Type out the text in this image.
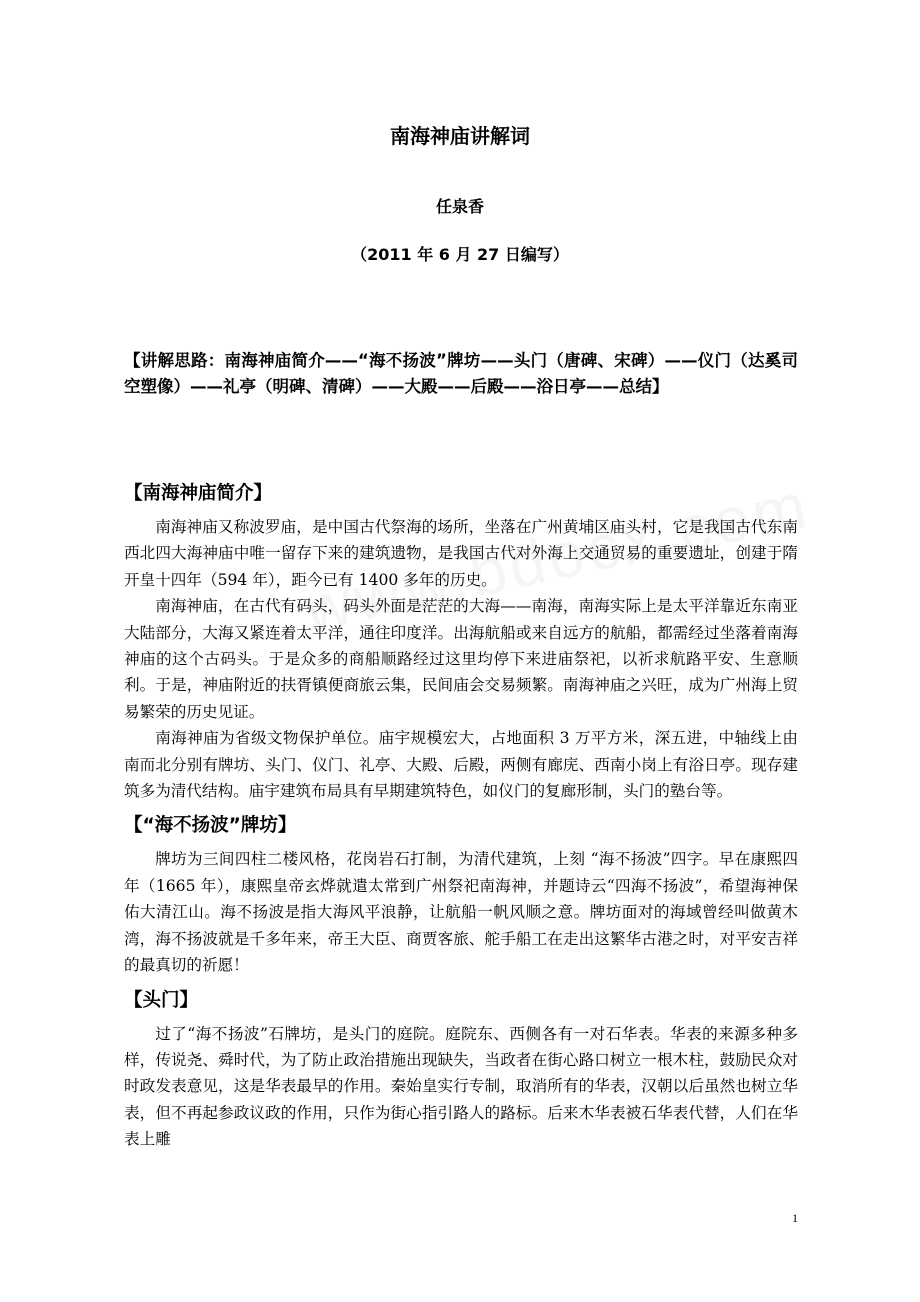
南海神庙讲解词
任泉香
（2011 年 6 月 27 日编写）
【讲解思路：南海神庙简介——“海不扬波”牌坊——头门（唐碑、宋碑）——仪门（达奚司空塑像）——礼亭（明碑、清碑）——大殿——后殿——浴日亭——总结】
【南海神庙简介】

南海神庙又称波罗庙，是中国古代祭海的场所，坐落在广州黄埔区庙头村，它是我国古代东南西北四大海神庙中唯一留存下来的建筑遗物，是我国古代对外海上交通贸易的重要遗址，创建于隋开皇十四年（594 年），距今已有 1400 多年的历史。

南海神庙，在古代有码头，码头外面是茫茫的大海——南海，南海实际上是太平洋靠近东南亚大陆部分，大海又紧连着太平洋，通往印度洋。出海航船或来自远方的航船，都需经过坐落着南海神庙的这个古码头。于是众多的商船顺路经过这里均停下来进庙祭祀，以祈求航路平安、生意顺利。于是，神庙附近的扶胥镇便商旅云集，民间庙会交易频繁。南海神庙之兴旺，成为广州海上贸易繁荣的历史见证。

南海神庙为省级文物保护单位。庙宇规模宏大，占地面积 3 万平方米，深五进，中轴线上由南而北分别有牌坊、头门、仪门、礼亭、大殿、后殿，两侧有廊庑、西南小岗上有浴日亭。现存建筑多为清代结构。庙宇建筑布局具有早期建筑特色，如仪门的复廊形制，头门的塾台等。

【“海不扬波”牌坊】

牌坊为三间四柱二楼风格，花岗岩石打制，为清代建筑，上刻 “海不扬波”四字。早在康熙四年（1665 年），康熙皇帝玄烨就遣太常到广州祭祀南海神，并题诗云“四海不扬波”，希望海神保佑大清江山。海不扬波是指大海风平浪静，让航船一帆风顺之意。牌坊面对的海域曾经叫做黄木湾，海不扬波就是千多年来，帝王大臣、商贾客旅、舵手船工在走出这繁华古港之时，对平安吉祥的最真切的祈愿！

【头门】

过了“海不扬波”石牌坊，是头门的庭院。庭院东、西侧各有一对石华表。华表的来源多种多样，传说尧、舜时代，为了防止政治措施出现缺失，当政者在街心路口树立一根木柱，鼓励民众对时政发表意见，这是华表最早的作用。秦始皇实行专制，取消所有的华表，汉朝以后虽然也树立华表，但不再起参政议政的作用，只作为街心指引路人的路标。后来木华表被石华表代替，人们在华表上雕

1
